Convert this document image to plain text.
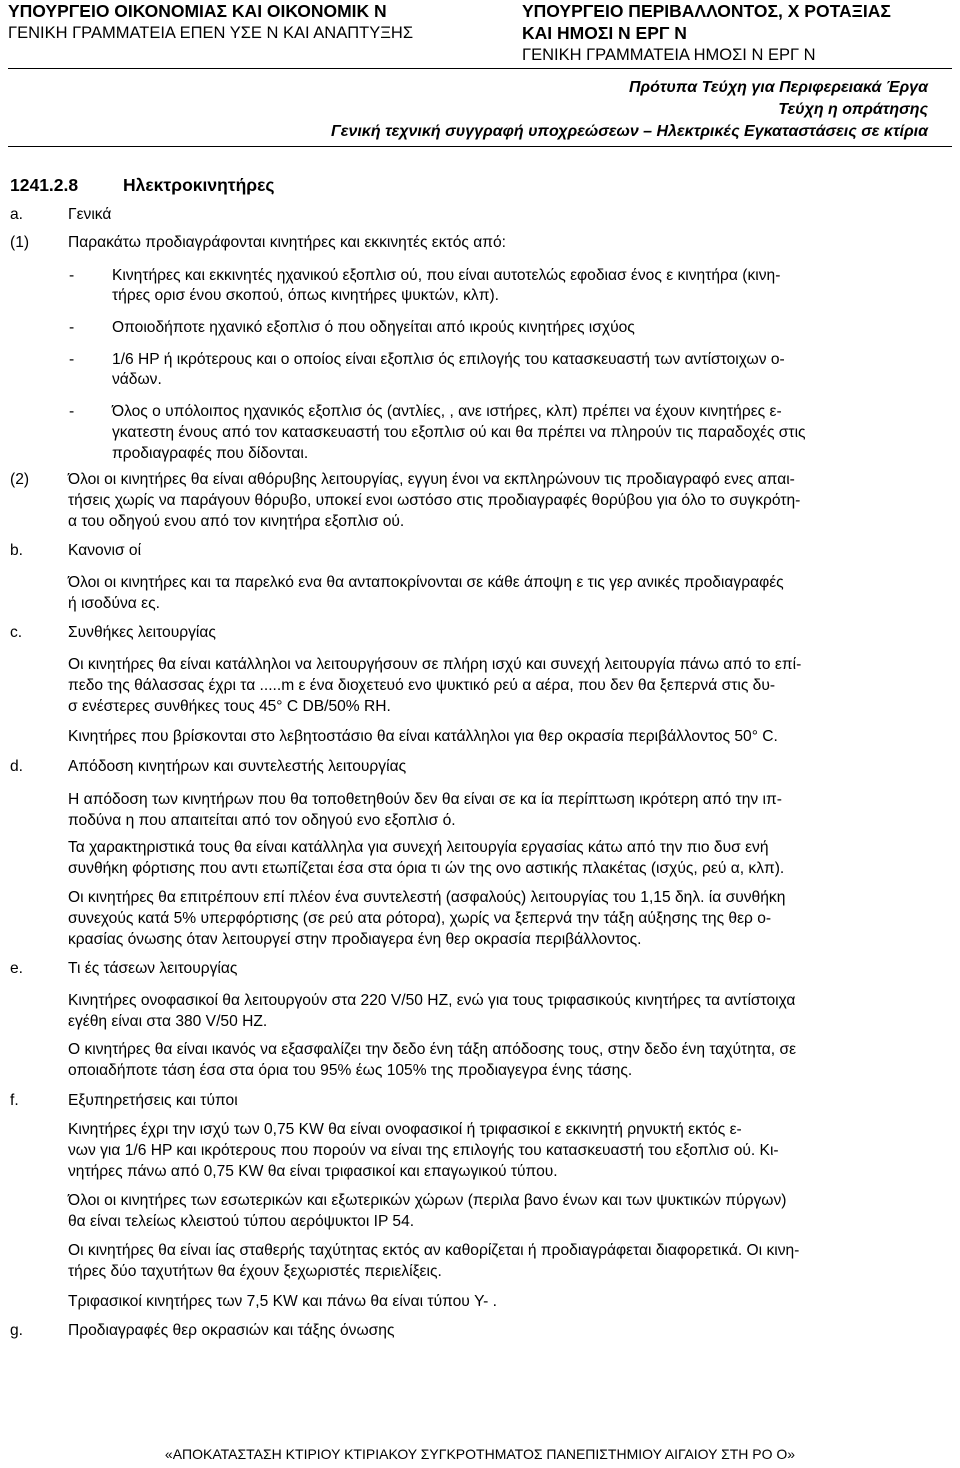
ΥΠΟΥΡΓΕΙΟ ΟΙΚΟΝΟΜΙΑΣ ΚΑΙ ΟΙΚΟΝΟΜΙΚ Ν
ΓΕΝΙΚΗ ΓΡΑΜΜΑΤΕΙΑ ΕΠΕΝ ΥΣΕ Ν ΚΑΙ ΑΝΑΠΤΥΞΗΣ
ΥΠΟΥΡΓΕΙΟ ΠΕΡΙΒΑΛΛΟΝΤΟΣ, Χ ΡΟΤΑΞΙΑΣ
ΚΑΙ ΗΜΟΣΙ Ν ΕΡΓ Ν
ΓΕΝΙΚΗ ΓΡΑΜΜΑΤΕΙΑ ΗΜΟΣΙ Ν ΕΡΓ Ν
Πρότυπα Τεύχη για Περιφερειακά Έργα
Τεύχη η οπράτησης
Γενική τεχνική συγγραφή υποχρεώσεων – Ηλεκτρικές Εγκαταστάσεις σε κτίρια
1241.2.8	Ηλεκτροκινητήρες
a.	Γενικά
(1) Παρακάτω προδιαγράφονται κινητήρες και εκκινητές εκτός από:
- Κινητήρες και εκκινητές ηχανικού εξοπλισ ού, που είναι αυτοτελώς εφοδιασ ένος ε κινητήρα (κινη-
τήρες ορισ ένου σκοπού, όπως κινητήρες ψυκτών, κλπ).
- Οποιοδήποτε ηχανικό εξοπλισ ό που οδηγείται από ικρούς κινητήρες ισχύος
- 1/6 HP ή ικρότερους και ο οποίος είναι εξοπλισ ός επιλογής του κατασκευαστή των αντίστοιχων ο-
νάδων.
- Όλος ο υπόλοιπος ηχανικός εξοπλισ ός (αντλίες, , ανε ιστήρες, κλπ) πρέπει να έχουν κινητήρες ε-
γκατεστη ένους από τον κατασκευαστή του εξοπλισ ού και θα πρέπει να πληρούν τις παραδοχές στις
προδιαγραφές που δίδονται.
(2) Όλοι οι κινητήρες θα είναι αθόρυβης λειτουργίας, εγγυη ένοι να εκπληρώνουν τις προδιαγραφό ενες απαι-
τήσεις χωρίς να παράγουν θόρυβο, υποκεί ενοι ωστόσο στις προδιαγραφές θορύβου για όλο το συγκρότη-
α του οδηγού ενου από τον κινητήρα εξοπλισ ού.
b.	Κανονισ οί
Όλοι οι κινητήρες και τα παρελκό ενα θα ανταποκρίνονται σε κάθε άποψη ε τις γερ ανικές προδιαγραφές
ή ισοδύνα ες.
c.	Συνθήκες λειτουργίας
Οι κινητήρες θα είναι κατάλληλοι να λειτουργήσουν σε πλήρη ισχύ και συνεχή λειτουργία πάνω από το επί-
πεδο της θάλασσας έχρι τα .....m ε ένα διοχετευό ενο ψυκτικό ρεύ α αέρα, που δεν θα ξεπερνά στις δυ-
σ ενέστερες συνθήκες τους 45° C DB/50% RH.
Κινητήρες που βρίσκονται στο λεβητοστάσιο θα είναι κατάλληλοι για θερ οκρασία περιβάλλοντος 50° C.
d.	Απόδοση κινητήρων και συντελεστής λειτουργίας
Η απόδοση των κινητήρων που θα τοποθετηθούν δεν θα είναι σε κα ία περίπτωση ικρότερη από την ιπ-
ποδύνα η που απαιτείται από τον οδηγού ενο εξοπλισ ό.
Τα χαρακτηριστικά τους θα είναι κατάλληλα για συνεχή λειτουργία εργασίας κάτω από την πιο δυσ ενή
συνθήκη φόρτισης που αντι ετωπίζεται έσα στα όρια τι ών της ονο αστικής πλακέτας (ισχύς, ρεύ α, κλπ).
Οι κινητήρες θα επιτρέπουν επί πλέον ένα συντελεστή (ασφαλούς) λειτουργίας του 1,15 δηλ. ία συνθήκη
συνεχούς κατά 5% υπερφόρτισης (σε ρεύ ατα ρότορα), χωρίς να ξεπερνά την τάξη αύξησης της θερ ο-
κρασίας όνωσης όταν λειτουργεί στην προδιαγερα ένη θερ οκρασία περιβάλλοντος.
e.	Τι ές τάσεων λειτουργίας
Κινητήρες ονοφασικοί θα λειτουργούν στα 220 V/50 HZ, ενώ για τους τριφασικούς κινητήρες τα αντίστοιχα
εγέθη είναι στα 380 V/50 HZ.
Ο κινητήρες θα είναι ικανός να εξασφαλίζει την δεδο ένη τάξη απόδοσης τους, στην δεδο ένη ταχύτητα, σε
οποιαδήποτε τάση έσα στα όρια του 95% έως 105% της προδιαγεγρα ένης τάσης.
f.	Εξυπηρετήσεις και τύποι
Κινητήρες έχρι την ισχύ των 0,75 KW θα είναι ονοφασικοί ή τριφασικοί ε εκκινητή ρηνυκτή εκτός ε-
νων για 1/6 HP και ικρότερους που πορούν να είναι της επιλογής του κατασκευαστή του εξοπλισ ού. Κι-
νητήρες πάνω από 0,75 KW θα είναι τριφασικοί και επαγωγικού τύπου.
Όλοι οι κινητήρες των εσωτερικών και εξωτερικών χώρων (περιλα βανο ένων και των ψυκτικών πύργων)
θα είναι τελείως κλειστού τύπου αερόψυκτοι IP 54.
Οι κινητήρες θα είναι ίας σταθερής ταχύτητας εκτός αν καθορίζεται ή προδιαγράφεται διαφορετικά. Οι κινη-
τήρες δύο ταχυτήτων θα έχουν ξεχωριστές περιελίξεις.
Τριφασικοί κινητήρες των 7,5 KW και πάνω θα είναι τύπου Y- .
g.	Προδιαγραφές θερ οκρασιών και τάξης όνωσης
«ΑΠΟΚΑΤΑΣΤΑΣΗ ΚΤΙΡΙΟΥ ΚΤΙΡΙΑΚΟΥ ΣΥΓΚΡΟΤΗΜΑΤΟΣ ΠΑΝΕΠΙΣΤΗΜΙΟΥ ΑΙΓΑΙΟΥ ΣΤΗ ΡΟ Ο»
